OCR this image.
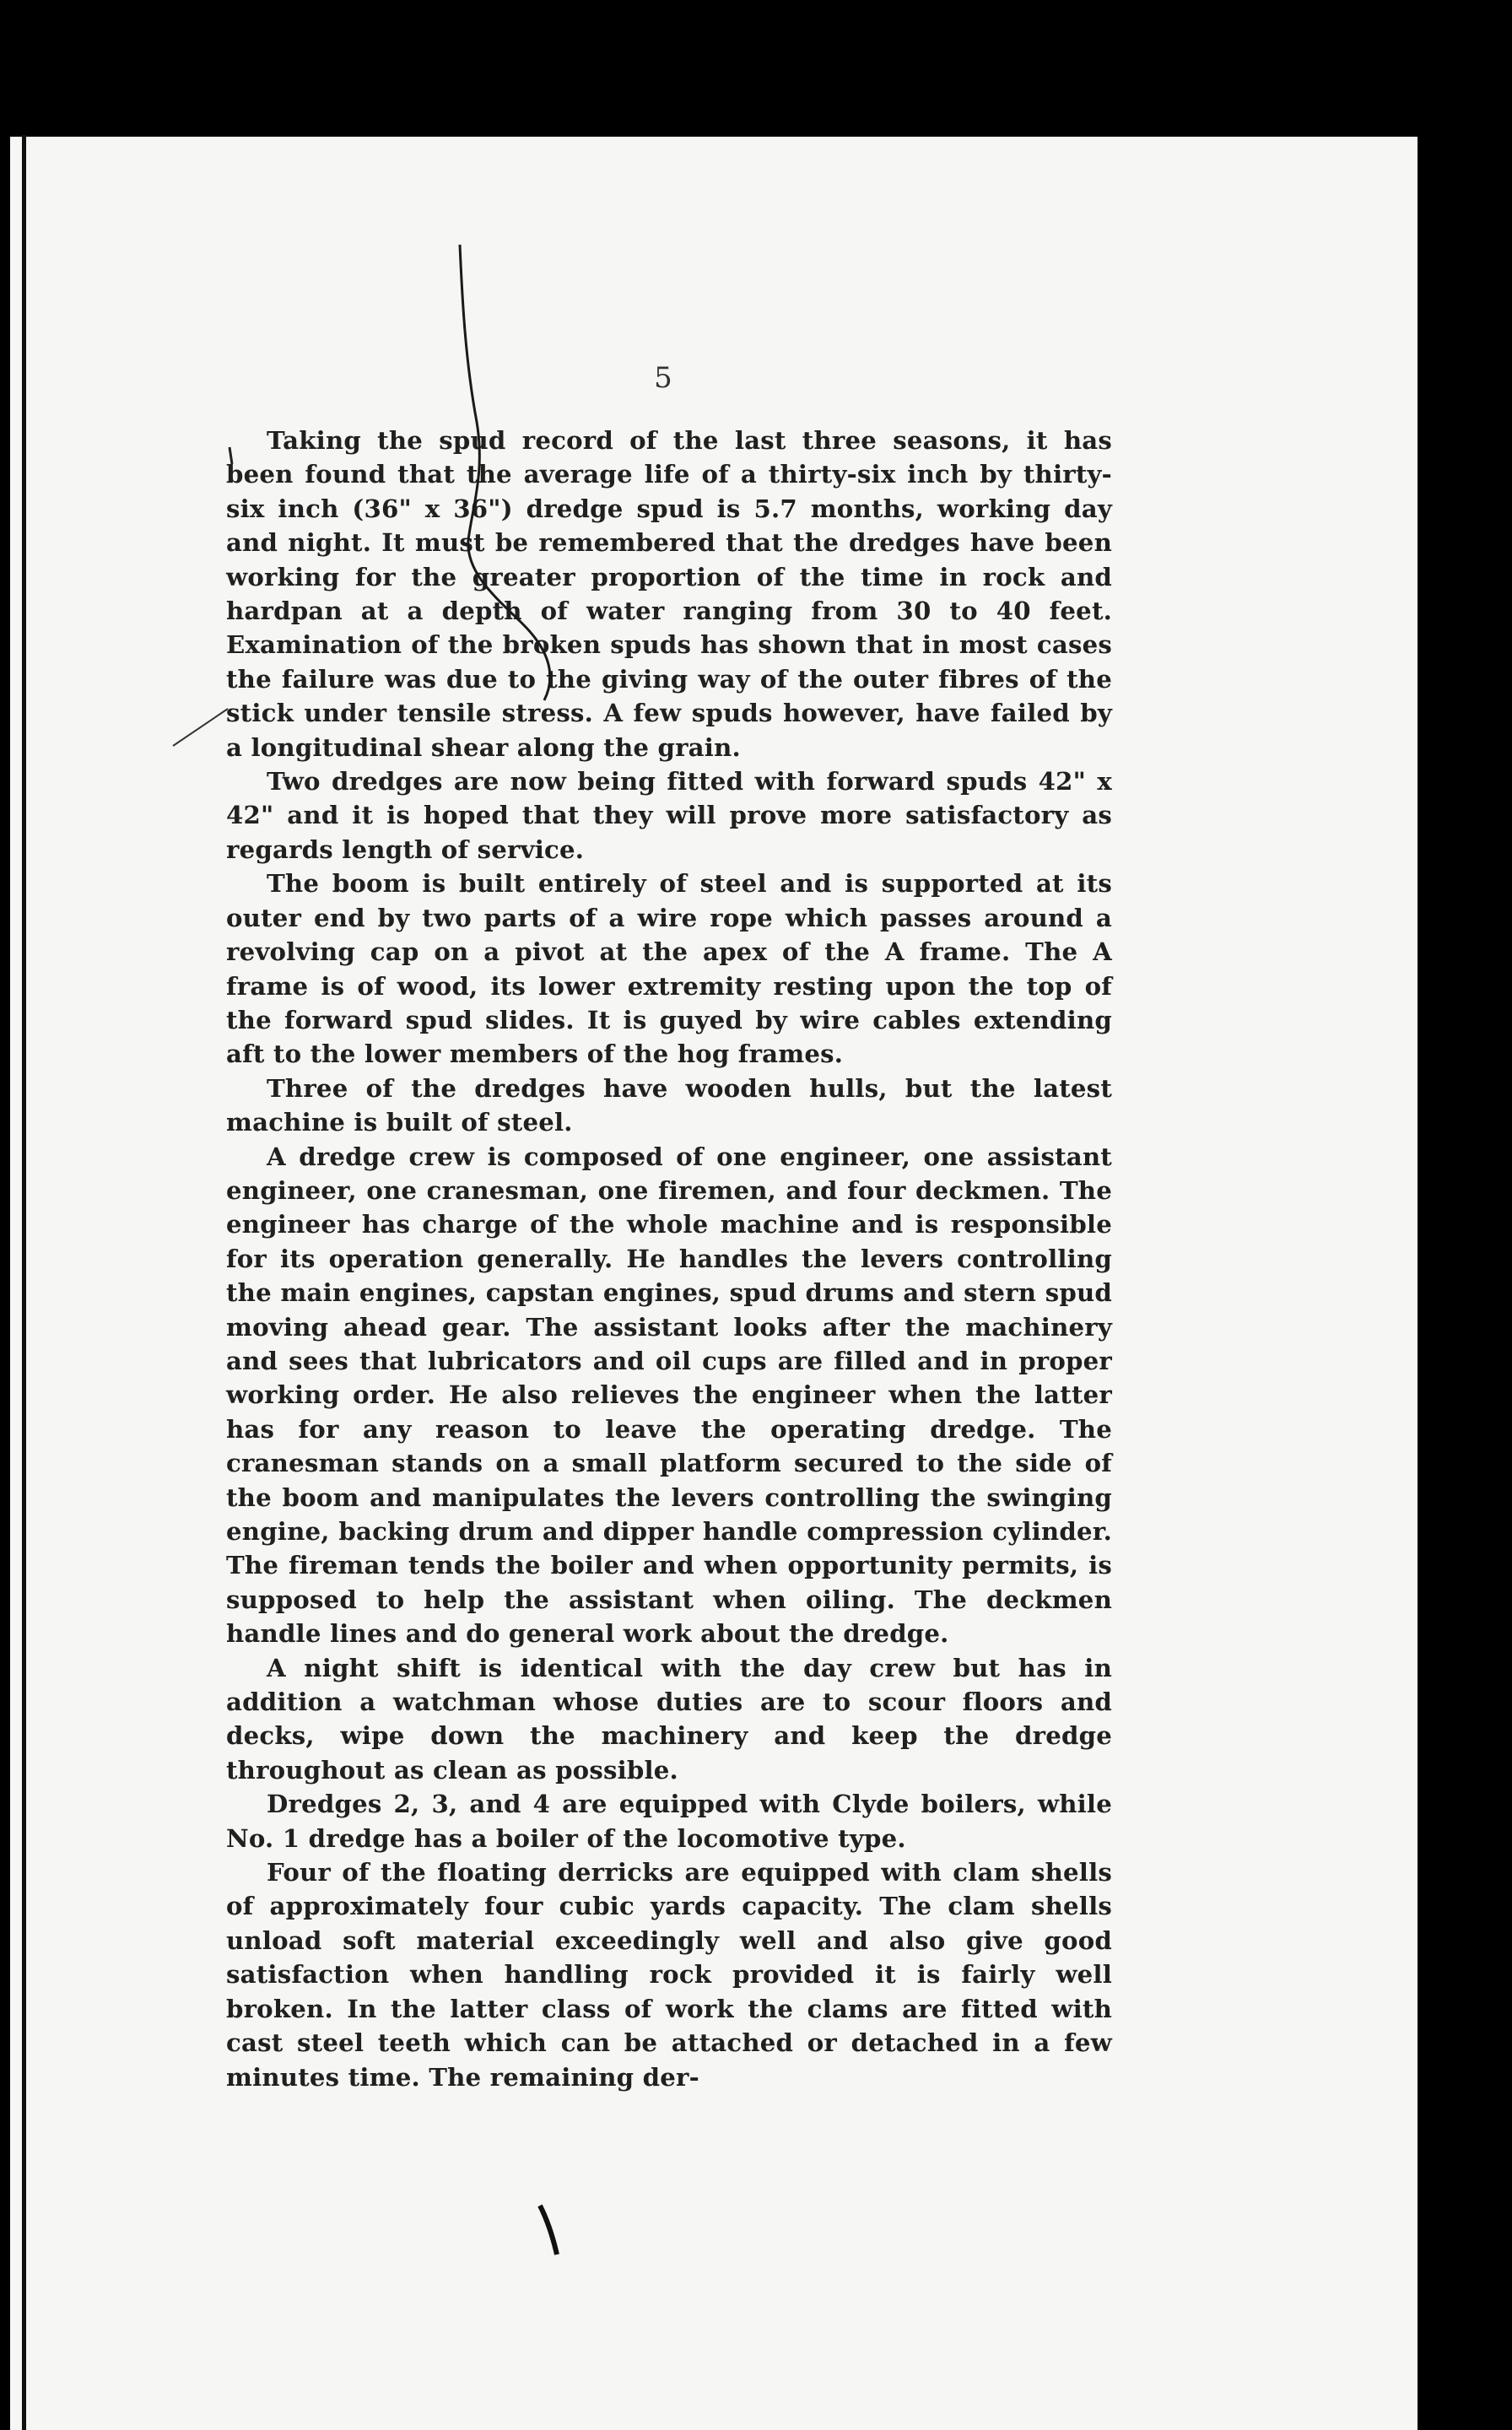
5

Taking the spud record of the last three seasons, it has been found that the average life of a thirty-six inch by thirty-six inch (36" x 36") dredge spud is 5.7 months, working day and night. It must be remembered that the dredges have been working for the greater proportion of the time in rock and hardpan at a depth of water ranging from 30 to 40 feet. Examination of the broken spuds has shown that in most cases the failure was due to the giving way of the outer fibres of the stick under tensile stress. A few spuds however, have failed by a longitudinal shear along the grain.

Two dredges are now being fitted with forward spuds 42" x 42" and it is hoped that they will prove more satisfactory as regards length of service.

The boom is built entirely of steel and is supported at its outer end by two parts of a wire rope which passes around a revolving cap on a pivot at the apex of the A frame. The A frame is of wood, its lower extremity resting upon the top of the forward spud slides. It is guyed by wire cables extending aft to the lower members of the hog frames.

Three of the dredges have wooden hulls, but the latest machine is built of steel.

A dredge crew is composed of one engineer, one assistant engineer, one cranesman, one firemen, and four deckmen. The engineer has charge of the whole machine and is responsible for its operation generally. He handles the levers controlling the main engines, capstan engines, spud drums and stern spud moving ahead gear. The assistant looks after the machinery and sees that lubricators and oil cups are filled and in proper working order. He also relieves the engineer when the latter has for any reason to leave the operating dredge. The cranesman stands on a small platform secured to the side of the boom and manipulates the levers controlling the swinging engine, backing drum and dipper handle compression cylinder. The fireman tends the boiler and when opportunity permits, is supposed to help the assistant when oiling. The deckmen handle lines and do general work about the dredge.

A night shift is identical with the day crew but has in addition a watchman whose duties are to scour floors and decks, wipe down the machinery and keep the dredge throughout as clean as possible.

Dredges 2, 3, and 4 are equipped with Clyde boilers, while No. 1 dredge has a boiler of the locomotive type.

Four of the floating derricks are equipped with clam shells of approximately four cubic yards capacity. The clam shells unload soft material exceedingly well and also give good satisfaction when handling rock provided it is fairly well broken. In the latter class of work the clams are fitted with cast steel teeth which can be attached or detached in a few minutes time. The remaining der-
